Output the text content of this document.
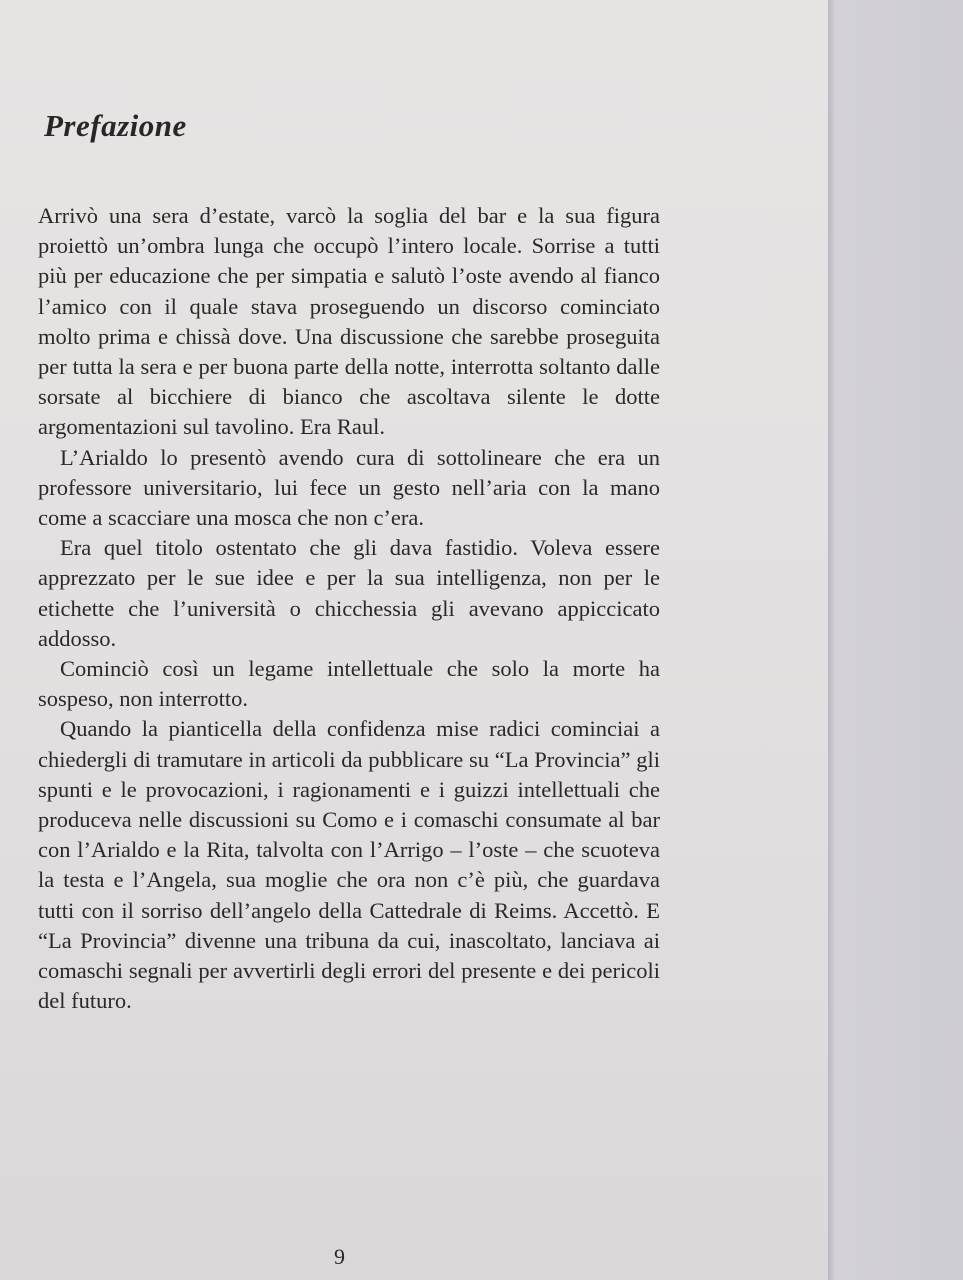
Prefazione

Arrivò una sera d’estate, varcò la soglia del bar e la sua figura proiettò un’ombra lunga che occupò l’intero locale. Sorrise a tutti più per educazione che per simpatia e salutò l’oste avendo al fianco l’amico con il quale stava proseguendo un discorso cominciato molto prima e chissà dove. Una discussione che sarebbe proseguita per tutta la sera e per buona parte della notte, interrotta soltanto dalle sorsate al bicchiere di bianco che ascoltava silente le dotte argomentazioni sul tavolino. Era Raul.

L’Arialdo lo presentò avendo cura di sottolineare che era un professore universitario, lui fece un gesto nell’aria con la mano come a scacciare una mosca che non c’era.

Era quel titolo ostentato che gli dava fastidio. Voleva essere apprezzato per le sue idee e per la sua intelligenza, non per le etichette che l’università o chicchessia gli avevano appiccicato addosso.

Cominciò così un legame intellettuale che solo la morte ha sospeso, non interrotto.

Quando la pianticella della confidenza mise radici cominciai a chiedergli di tramutare in articoli da pubblicare su “La Provincia” gli spunti e le provocazioni, i ragionamenti e i guizzi intellettuali che produceva nelle discussioni su Como e i comaschi consumate al bar con l’Arialdo e la Rita, talvolta con l’Arrigo – l’oste – che scuoteva la testa e l’Angela, sua moglie che ora non c’è più, che guardava tutti con il sorriso dell’angelo della Cattedrale di Reims. Accettò. E “La Provincia” divenne una tribuna da cui, inascoltato, lanciava ai comaschi segnali per avvertirli degli errori del presente e dei pericoli del futuro.

9
